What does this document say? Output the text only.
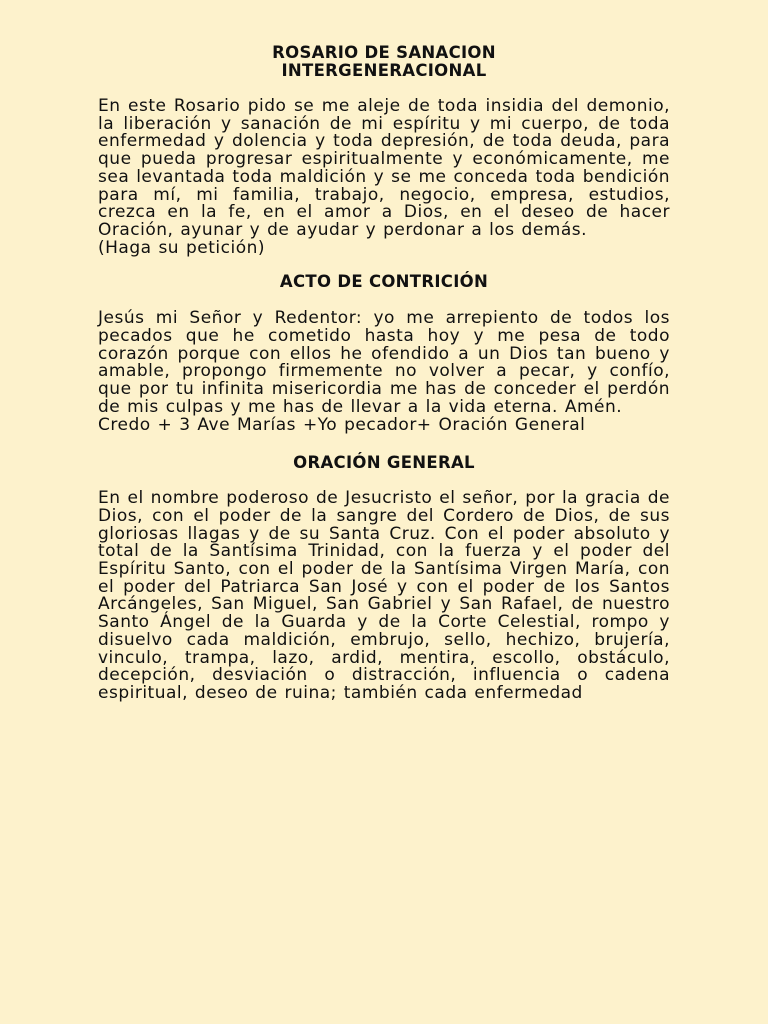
ROSARIO DE SANACION
INTERGENERACIONAL

En este Rosario pido se me aleje de toda insidia del demonio, la liberación y sanación de mi espíritu y mi cuerpo, de toda enfermedad y dolencia y toda depresión, de toda deuda, para que pueda progresar espiritualmente y económicamente, me sea levantada toda maldición y se me conceda toda bendición para mí, mi familia, trabajo, negocio, empresa, estudios, crezca en la fe, en el amor a Dios, en el deseo de hacer Oración, ayunar y de ayudar y perdonar a los demás.
(Haga su petición)

ACTO DE CONTRICIÓN

Jesús mi Señor y Redentor: yo me arrepiento de todos los pecados que he cometido hasta hoy y me pesa de todo corazón porque con ellos he ofendido a un Dios tan bueno y amable, propongo firmemente no volver a pecar, y confío, que por tu infinita misericordia me has de conceder el perdón de mis culpas y me has de llevar a la vida eterna. Amén.
Credo + 3 Ave Marías +Yo pecador+ Oración General

ORACIÓN GENERAL

En el nombre poderoso de Jesucristo el señor, por la gracia de Dios, con el poder de la sangre del Cordero de Dios, de sus gloriosas llagas y de su Santa Cruz. Con el poder absoluto y total de la Santísima Trinidad, con la fuerza y el poder del Espíritu Santo, con el poder de la Santísima Virgen María, con el poder del Patriarca San José y con el poder de los Santos Arcángeles, San Miguel, San Gabriel y San Rafael, de nuestro Santo Ángel de la Guarda y de la Corte Celestial, rompo y disuelvo cada maldición, embrujo, sello, hechizo, brujería, vinculo, trampa, lazo, ardid, mentira, escollo, obstáculo, decepción, desviación o distracción, influencia o cadena espiritual, deseo de ruina; también cada enfermedad
